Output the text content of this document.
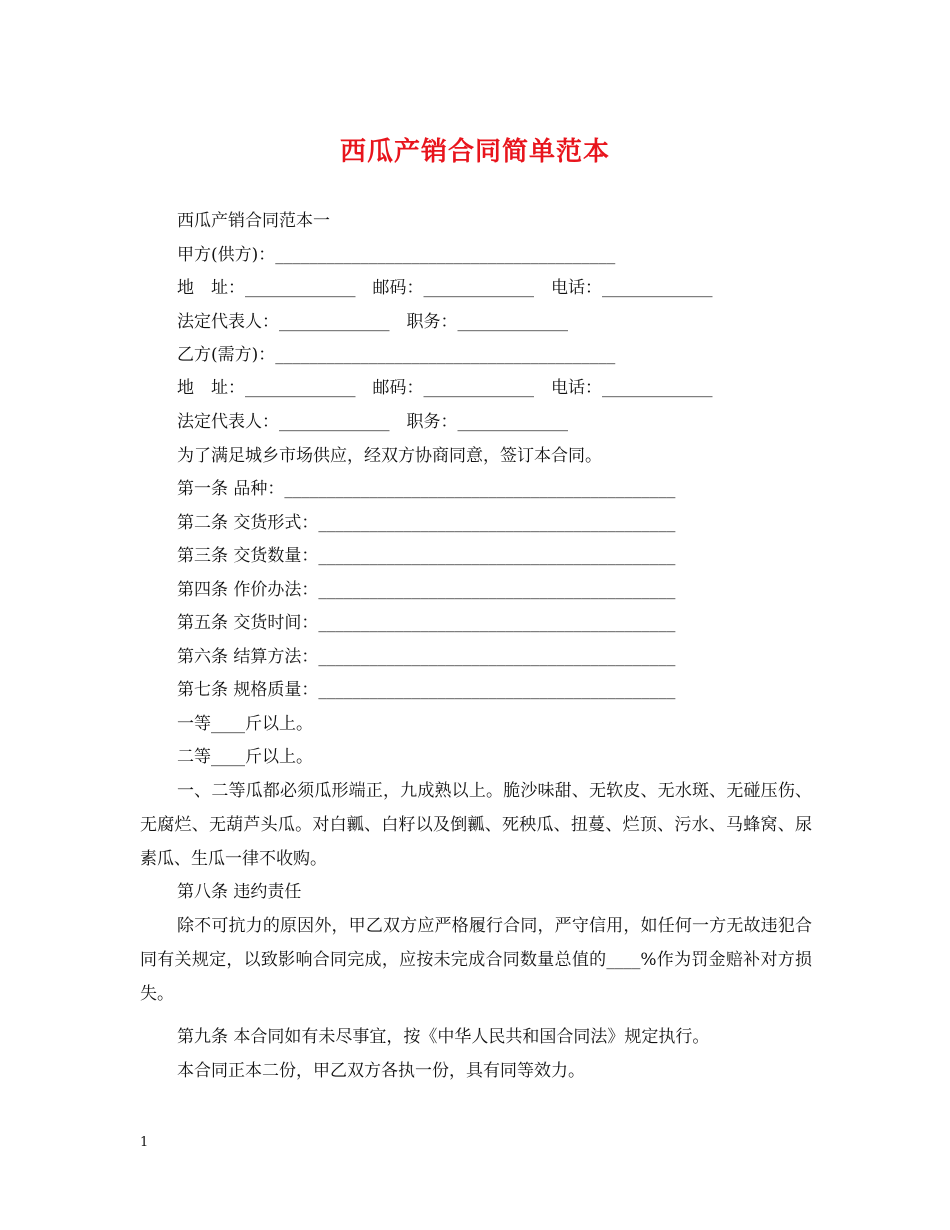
西瓜产销合同简单范本
西瓜产销合同范本一
甲方(供方)：________________________________________
地　址：_____________　邮码：_____________　电话：_____________
法定代表人：_____________　职务：_____________
乙方(需方)：________________________________________
地　址：_____________　邮码：_____________　电话：_____________
法定代表人：_____________　职务：_____________
为了满足城乡市场供应，经双方协商同意，签订本合同。
第一条 品种：______________________________________________
第二条 交货形式：__________________________________________
第三条 交货数量：__________________________________________
第四条 作价办法：__________________________________________
第五条 交货时间：__________________________________________
第六条 结算方法：__________________________________________
第七条 规格质量：__________________________________________
一等____斤以上。
二等____斤以上。
一、二等瓜都必须瓜形端正，九成熟以上。脆沙味甜、无软皮、无水斑、无碰压伤、无腐烂、无葫芦头瓜。对白瓤、白籽以及倒瓤、死秧瓜、扭蔓、烂顶、污水、马蜂窝、尿素瓜、生瓜一律不收购。
第八条 违约责任
除不可抗力的原因外，甲乙双方应严格履行合同，严守信用，如任何一方无故违犯合同有关规定，以致影响合同完成，应按未完成合同数量总值的____%作为罚金赔补对方损失。
第九条 本合同如有未尽事宜，按《中华人民共和国合同法》规定执行。
本合同正本二份，甲乙双方各执一份，具有同等效力。
1
